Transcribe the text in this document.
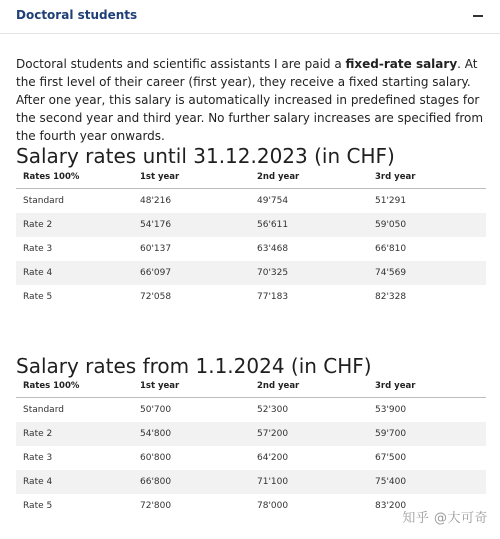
Doctoral students

Doctoral students and scientific assistants I are paid a fixed-rate salary. At the first level of their career (first year), they receive a fixed starting salary. After one year, this salary is automatically increased in predefined stages for the second year and third year. No further salary increases are specified from the fourth year onwards.

Salary rates until 31.12.2023 (in CHF)
Rates 100%	1st year	2nd year	3rd year
Standard	48'216	49'754	51'291
Rate 2	54'176	56'611	59'050
Rate 3	60'137	63'468	66'810
Rate 4	66'097	70'325	74'569
Rate 5	72'058	77'183	82'328
Salary rates from 1.1.2024 (in CHF)
Rates 100%	1st year	2nd year	3rd year
Standard	50'700	52'300	53'900
Rate 2	54'800	57'200	59'700
Rate 3	60'800	64'200	67'500
Rate 4	66'800	71'100	75'400
Rate 5	72'800	78'000	83'200
知乎 @大可奇
